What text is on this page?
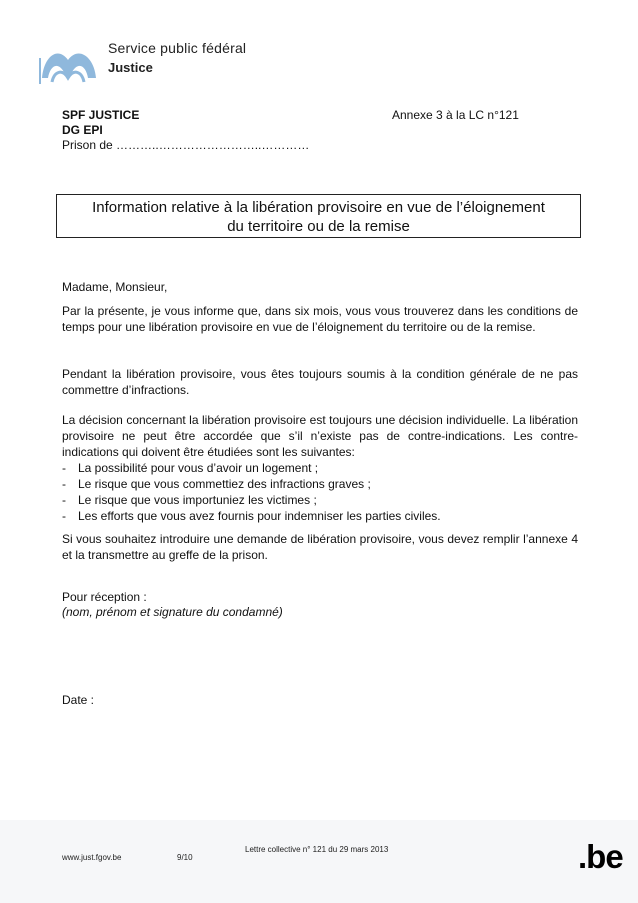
Service public fédéral
Justice
SPF JUSTICE
DG EPI
Prison de ………..……………………..…………
Annexe 3 à la LC n°121
Information relative à la libération provisoire en vue de l’éloignement
du territoire ou de la remise
Madame, Monsieur,
Par la présente, je vous informe que, dans six mois, vous vous trouverez dans les conditions de temps pour une libération provisoire en vue de l’éloignement du territoire ou de la remise.
Pendant la libération provisoire, vous êtes toujours soumis à la condition générale de ne pas commettre d’infractions.
La décision concernant la libération provisoire est toujours une décision individuelle. La libération provisoire ne peut être accordée que s’il n’existe pas de contre-indications. Les contre-indications qui doivent être étudiées sont les suivantes:
-	La possibilité pour vous d’avoir un logement ;
-	Le risque que vous commettiez des infractions graves ;
-	Le risque que vous importuniez les victimes ;
-	Les efforts que vous avez fournis pour indemniser les parties civiles.
Si vous souhaitez introduire une demande de libération provisoire, vous devez remplir l’annexe 4 et la transmettre au greffe de la prison.
Pour réception :
(nom, prénom et signature du condamné)
Date :
Lettre collective n° 121 du 29 mars 2013
www.just.fgov.be	9/10	.be
